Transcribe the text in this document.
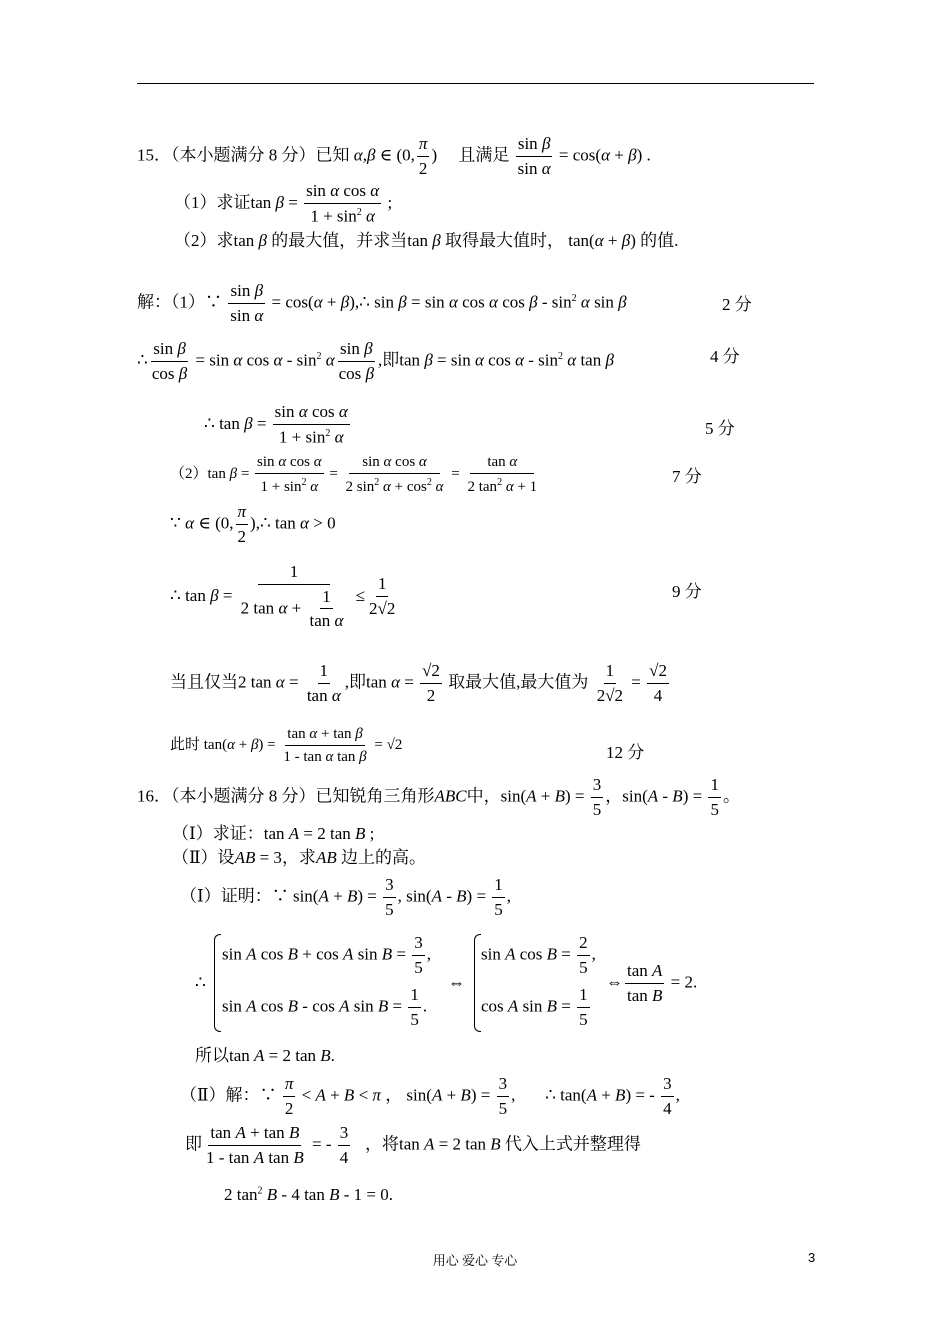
15．（本小题满分 8 分）已知 α,β ∈ (0, $\frac{\pi}{2}$ )     且满足 $\frac{\text{sin β}}{\text{sin α}} = \cos(\alpha + \beta)$ .
（1）求证$\tan \beta = \frac{\text{sin α cos α}}{1 + \sin^2 \alpha}$ ;
（2）求tan β 的最大值，并求当tan β 取得最大值时， tan(α + β) 的值.
解：（1）∵ $\frac{\text{sin β}}{\text{sin α}} = \cos(\alpha$ + β),∴ sin β = sin α cos α cos β - $\sin^2 \alpha$ sin β	2 分
∴ $\frac{\text{sin β}}{\text{cos β}} = \sin \alpha$ cos α - $\sin^2 \alpha \frac{\text{sin β}}{\text{cos β}}$ ,即tan β = sin α cos α - $\sin^2 \alpha$ tan β	4 分
∴ $\tan \beta = \frac{\text{sin α cos α}}{1 + \sin^2 \alpha}$	5 分
（2）tan $\beta = \frac{\text{sin α cos α}}{1 + \sin^2 \alpha} = \frac{\text{sin α cos α}}{2 \sin^2 \alpha + \cos^2 \alpha} = \frac{\text{tan α}}{2 \tan^2 \alpha + 1}$	7 分
∵ α ∈ (0, $\frac{\pi}{2}$ ),∴ tan α > 0
∴ $\tan \beta = \frac{1}{2 \tan \alpha + \frac{1}{\text{tan α}}} \le \frac{1}{2√2}$	9 分
当且仅当2 $\tan \alpha = \frac{1}{\text{tan α}}$ ,即$\tan \alpha = \frac{√2}{2}$ 取最大值,最大值为 $\frac{1}{2√2} = \frac{√2}{4}$
此时 $\tan(\alpha + \beta) = \frac{\text{tan α + tan β}}{\text{1 - tan α tan β}} = √2$	12 分
16．（本小题满分 8 分）已知锐角三角形ABC中，$\sin(A + B) = \frac{3}{5}$ ，$\sin(A - B) = \frac{1}{5}$ 。
（Ⅰ）求证：tan A = 2 tan B ;
（Ⅱ）设AB = 3，求AB 边上的高。
（Ⅰ）证明：∵ $\sin(A + B) = \frac{3}{5}$ , $\sin(A - B) = \frac{1}{5}$ ,
∴
sin A cos B + cos A $\sin B = \frac{3}{5}$ ,
sin A cos B - cos A $\sin B = \frac{1}{5}$ .
⇔
sin A $\cos B = \frac{2}{5}$ ,
cos A $\sin B = \frac{1}{5}$
⇔ $\frac{\text{tan A}}{\text{tan B}} = 2$.
所以tan A = 2 tan B.
（Ⅱ）解：∵ $\frac{\pi}{2} < A + B < \pi$ ， $\sin(A + B) = \frac{3}{5}$ ,       ∴ tan(A + B) = - $\frac{3}{4}$ ,
即 $\frac{\text{tan A + tan B}}{\text{1 - tan A tan B}}$ = - $\frac{3}{4}$ ，将tan A = 2 tan B 代入上式并整理得
2 $\tan^2 B - 4$ tan B - 1 = 0.
用心 爱心 专心	3
